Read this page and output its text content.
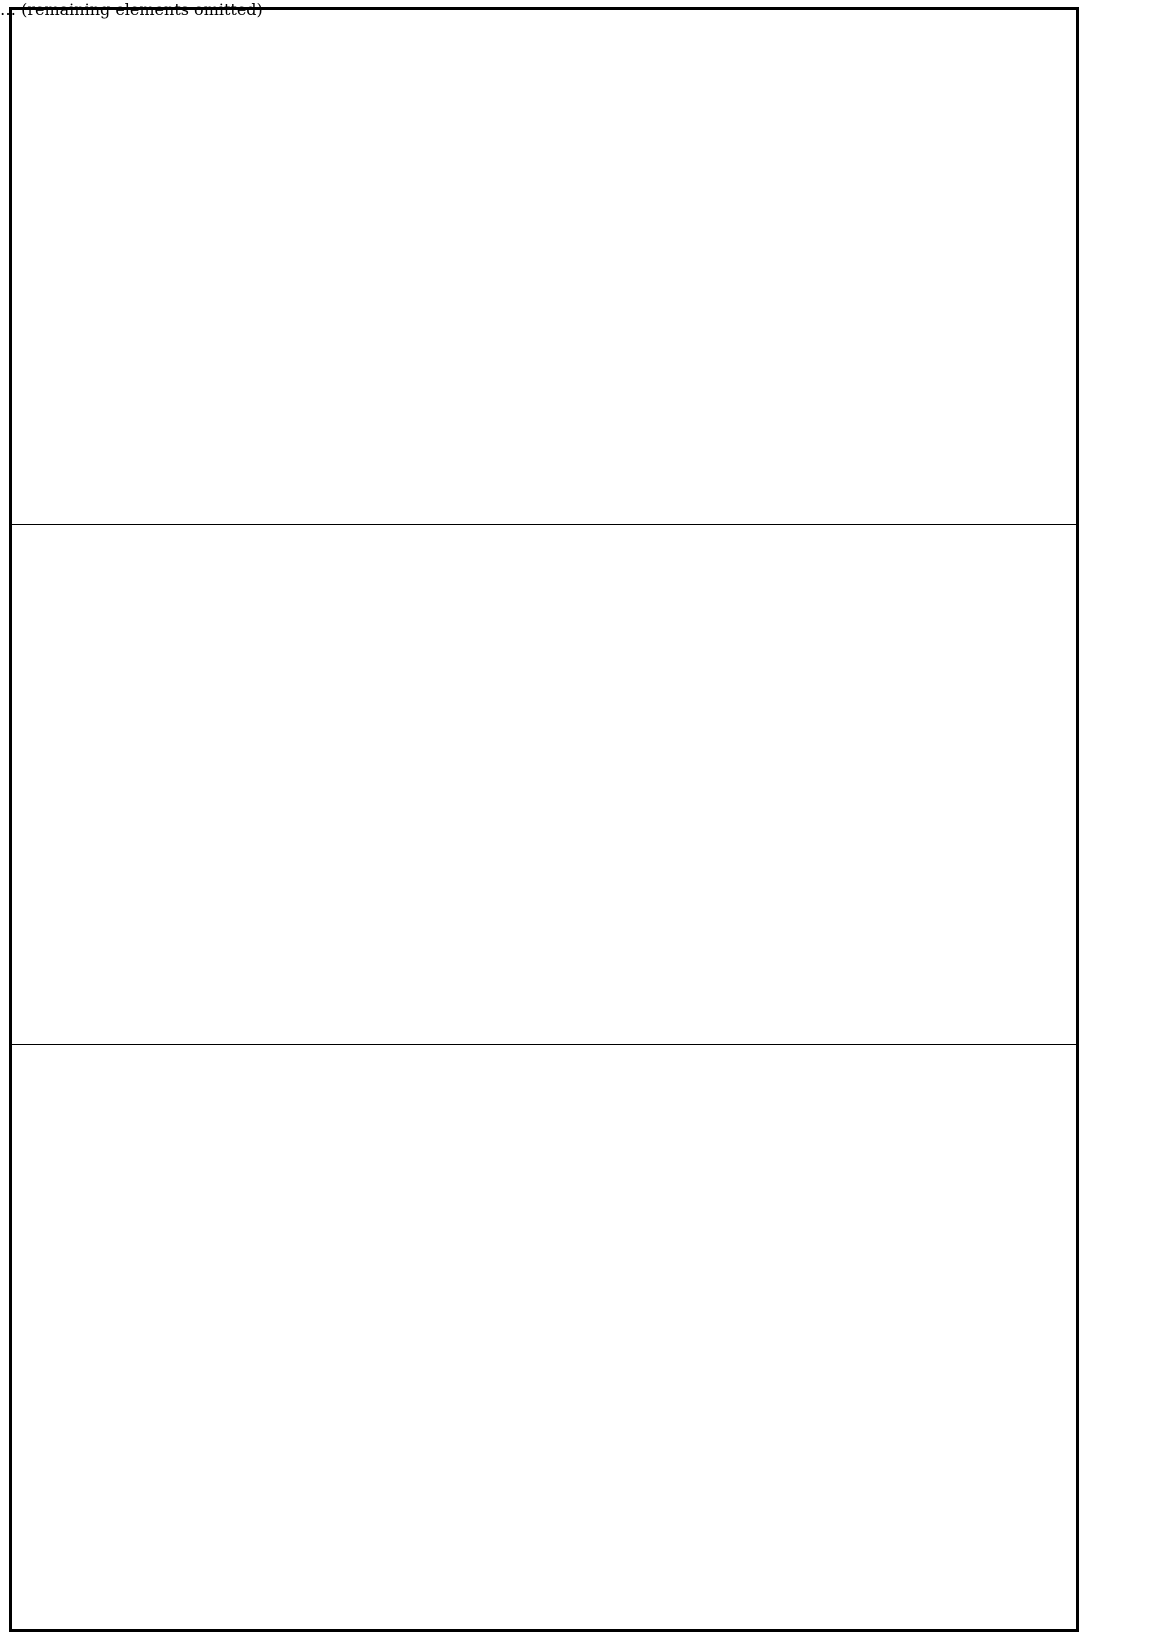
… (remaining elements omitted)
